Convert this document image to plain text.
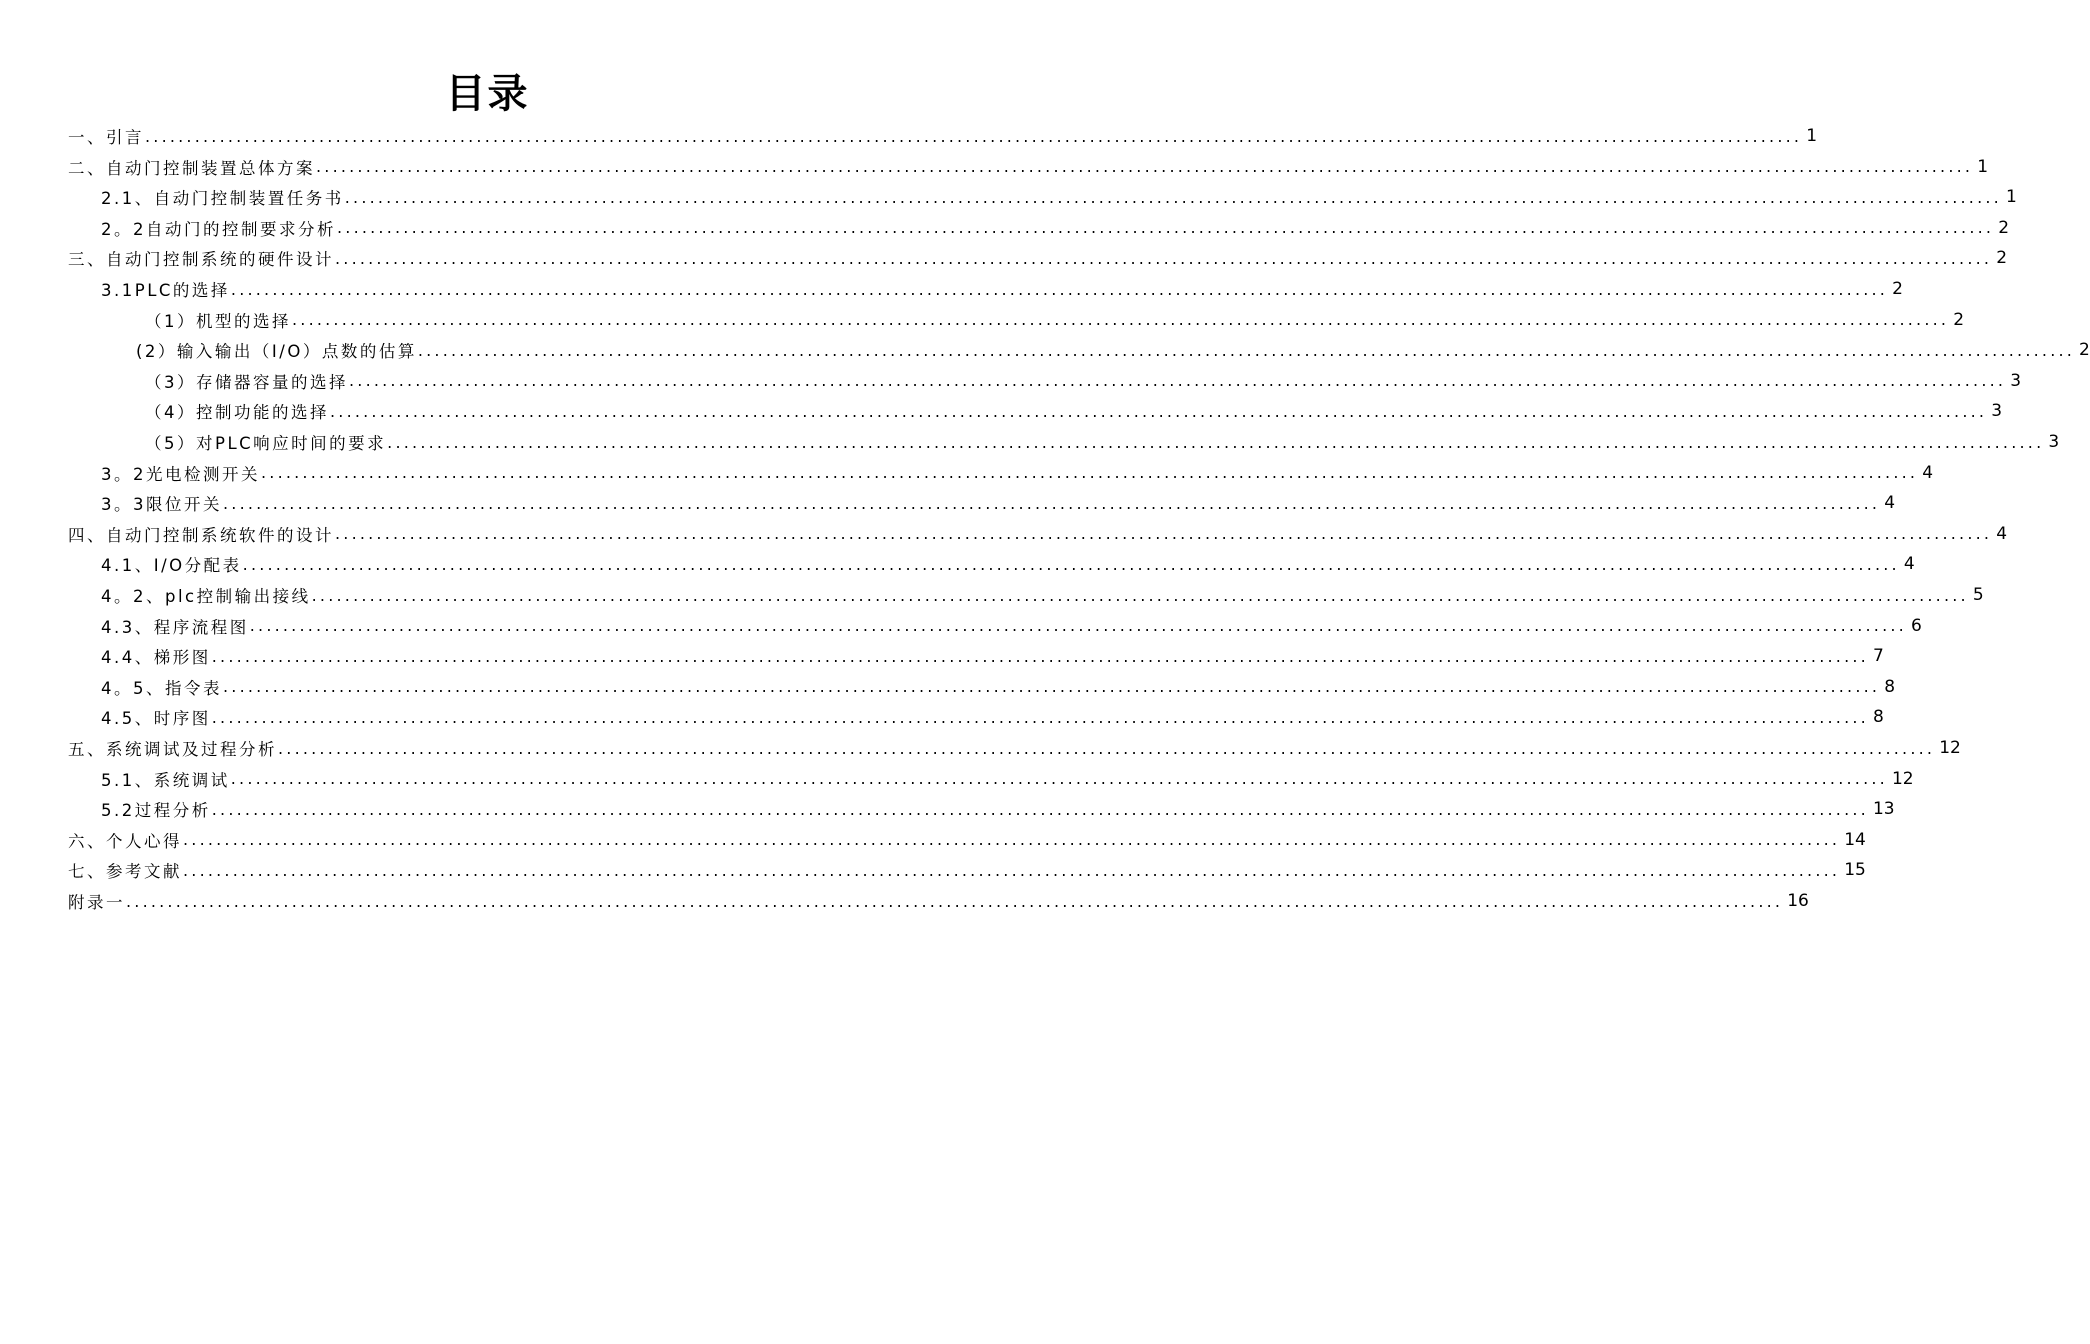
目录
一、引言 ........................................................................................................................................................................................................ 1
二、自动门控制装置总体方案 ........................................................................................................................................................................................................ 1
2.1、自动门控制装置任务书 ........................................................................................................................................................................................................ 1
2。2自动门的控制要求分析 ........................................................................................................................................................................................................ 2
三、自动门控制系统的硬件设计 ........................................................................................................................................................................................................ 2
3.1PLC的选择 ........................................................................................................................................................................................................ 2
（1）机型的选择 ........................................................................................................................................................................................................ 2
(2）输入输出（I/O）点数的估算 ........................................................................................................................................................................................................ 2
（3）存储器容量的选择 ........................................................................................................................................................................................................ 3
（4）控制功能的选择 ........................................................................................................................................................................................................ 3
（5）对PLC响应时间的要求 ........................................................................................................................................................................................................ 3
3。2光电检测开关 ........................................................................................................................................................................................................ 4
3。3限位开关 ........................................................................................................................................................................................................ 4
四、自动门控制系统软件的设计 ........................................................................................................................................................................................................ 4
4.1、I/O分配表 ........................................................................................................................................................................................................ 4
4。2、plc控制输出接线 ........................................................................................................................................................................................................ 5
4.3、程序流程图 ........................................................................................................................................................................................................ 6
4.4、梯形图 ........................................................................................................................................................................................................ 7
4。5、指令表 ........................................................................................................................................................................................................ 8
4.5、时序图 ........................................................................................................................................................................................................ 8
五、系统调试及过程分析 ........................................................................................................................................................................................................ 12
5.1、系统调试 ........................................................................................................................................................................................................ 12
5.2过程分析 ........................................................................................................................................................................................................ 13
六、个人心得 ........................................................................................................................................................................................................ 14
七、参考文献 ........................................................................................................................................................................................................ 15
附录一 ........................................................................................................................................................................................................ 16
